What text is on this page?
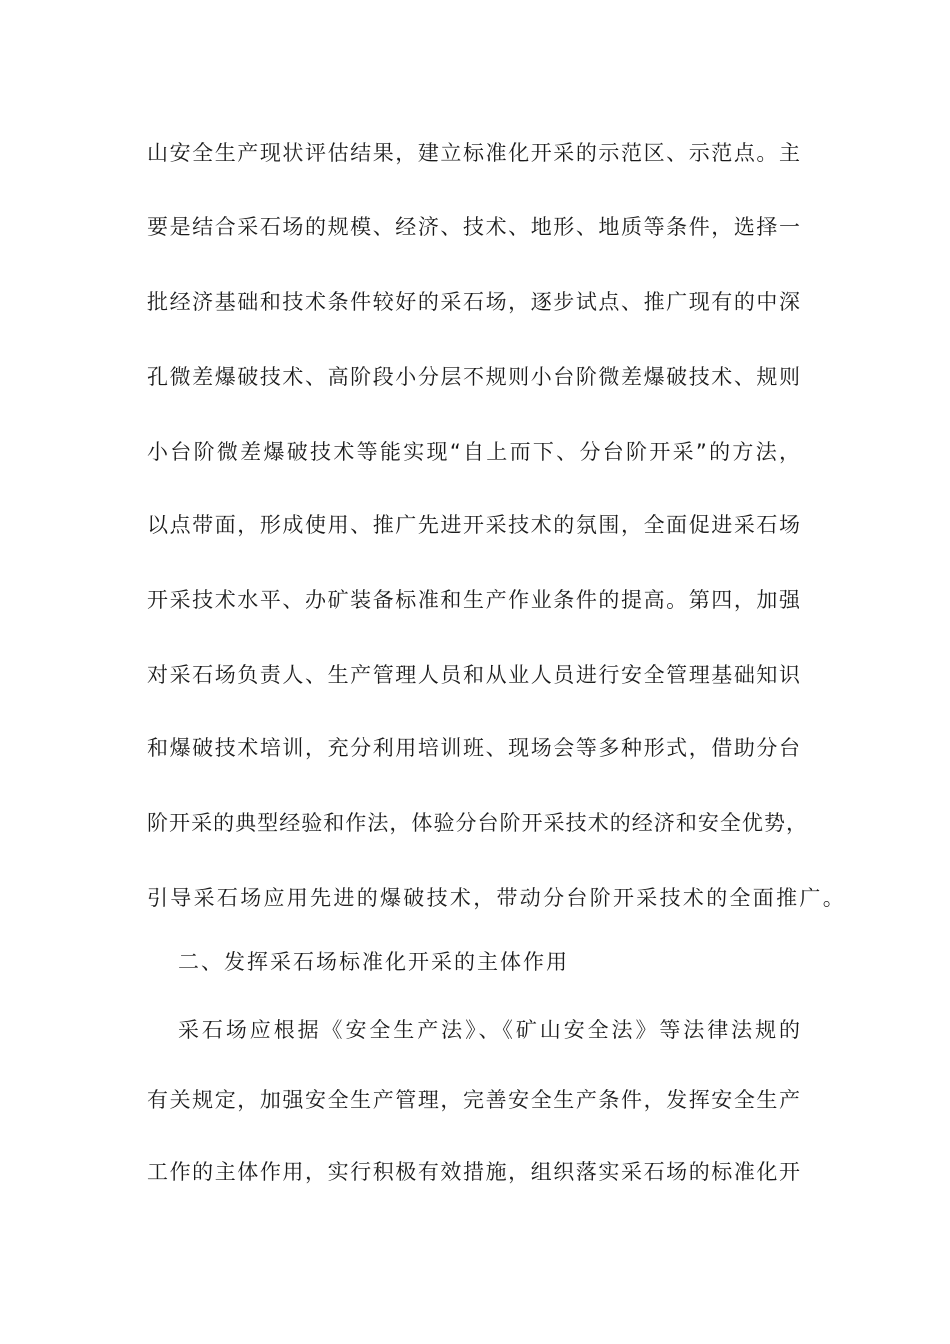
山安全生产现状评估结果，建立标准化开采的示范区、示范点。主
要是结合采石场的规模、经济、技术、地形、地质等条件，选择一
批经济基础和技术条件较好的采石场，逐步试点、推广现有的中深
孔微差爆破技术、高阶段小分层不规则小台阶微差爆破技术、规则
小台阶微差爆破技术等能实现“自上而下、分台阶开采”的方法，
以点带面，形成使用、推广先进开采技术的氛围，全面促进采石场
开采技术水平、办矿装备标准和生产作业条件的提高。第四，加强
对采石场负责人、生产管理人员和从业人员进行安全管理基础知识
和爆破技术培训，充分利用培训班、现场会等多种形式，借助分台
阶开采的典型经验和作法，体验分台阶开采技术的经济和安全优势，
引导采石场应用先进的爆破技术，带动分台阶开采技术的全面推广。
二、发挥采石场标准化开采的主体作用
采石场应根据《安全生产法》、《矿山安全法》等法律法规的
有关规定，加强安全生产管理，完善安全生产条件，发挥安全生产
工作的主体作用，实行积极有效措施，组织落实采石场的标准化开
